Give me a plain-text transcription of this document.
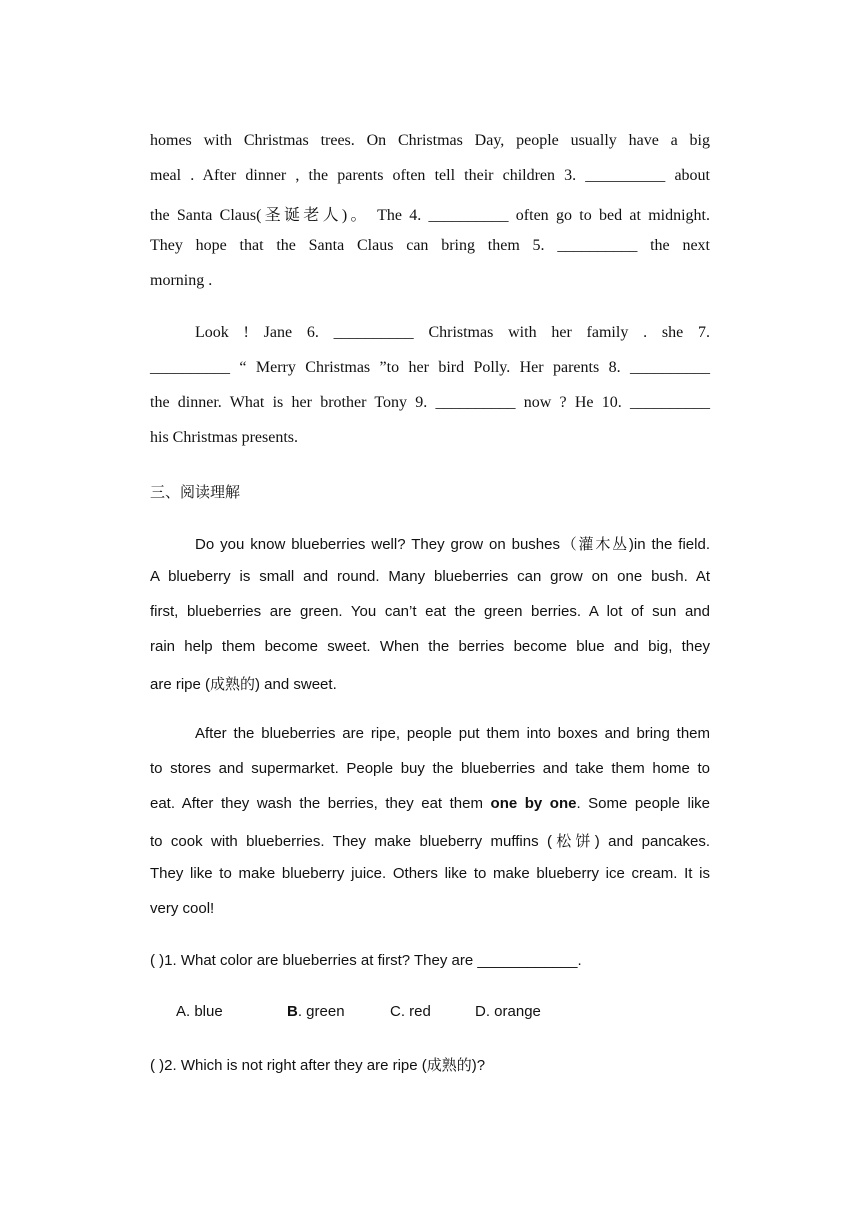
homes with Christmas trees. On Christmas Day, people usually have a big
meal . After dinner , the parents often tell their children 3. __________ about
the Santa Claus(圣诞老人)。 The 4. __________ often go to bed at midnight.
They hope that the Santa Claus can bring them 5. __________ the next
morning .
Look ! Jane 6. __________ Christmas with her family . she 7.
__________ “ Merry Christmas ”to her bird Polly. Her parents 8. __________
the dinner. What is her brother Tony 9. __________ now ? He 10. __________
his Christmas presents.
三、阅读理解
Do you know blueberries well? They grow on bushes（灌木丛)in the field.
A blueberry is small and round. Many blueberries can grow on one bush. At
first, blueberries are green. You can’t eat the green berries. A lot of sun and
rain help them become sweet. When the berries become blue and big, they
are ripe (成熟的) and sweet.
After the blueberries are ripe, people put them into boxes and bring them
to stores and supermarket. People buy the blueberries and take them home to
eat. After they wash the berries, they eat them one by one. Some people like
to cook with blueberries. They make blueberry muffins (松饼) and pancakes.
They like to make blueberry juice. Others like to make blueberry ice cream. It is
very cool!
( )1. What color are blueberries at first? They are ____________.
A. blue	B. green	C. red	D. orange
( )2. Which is not right after they are ripe (成熟的)?
